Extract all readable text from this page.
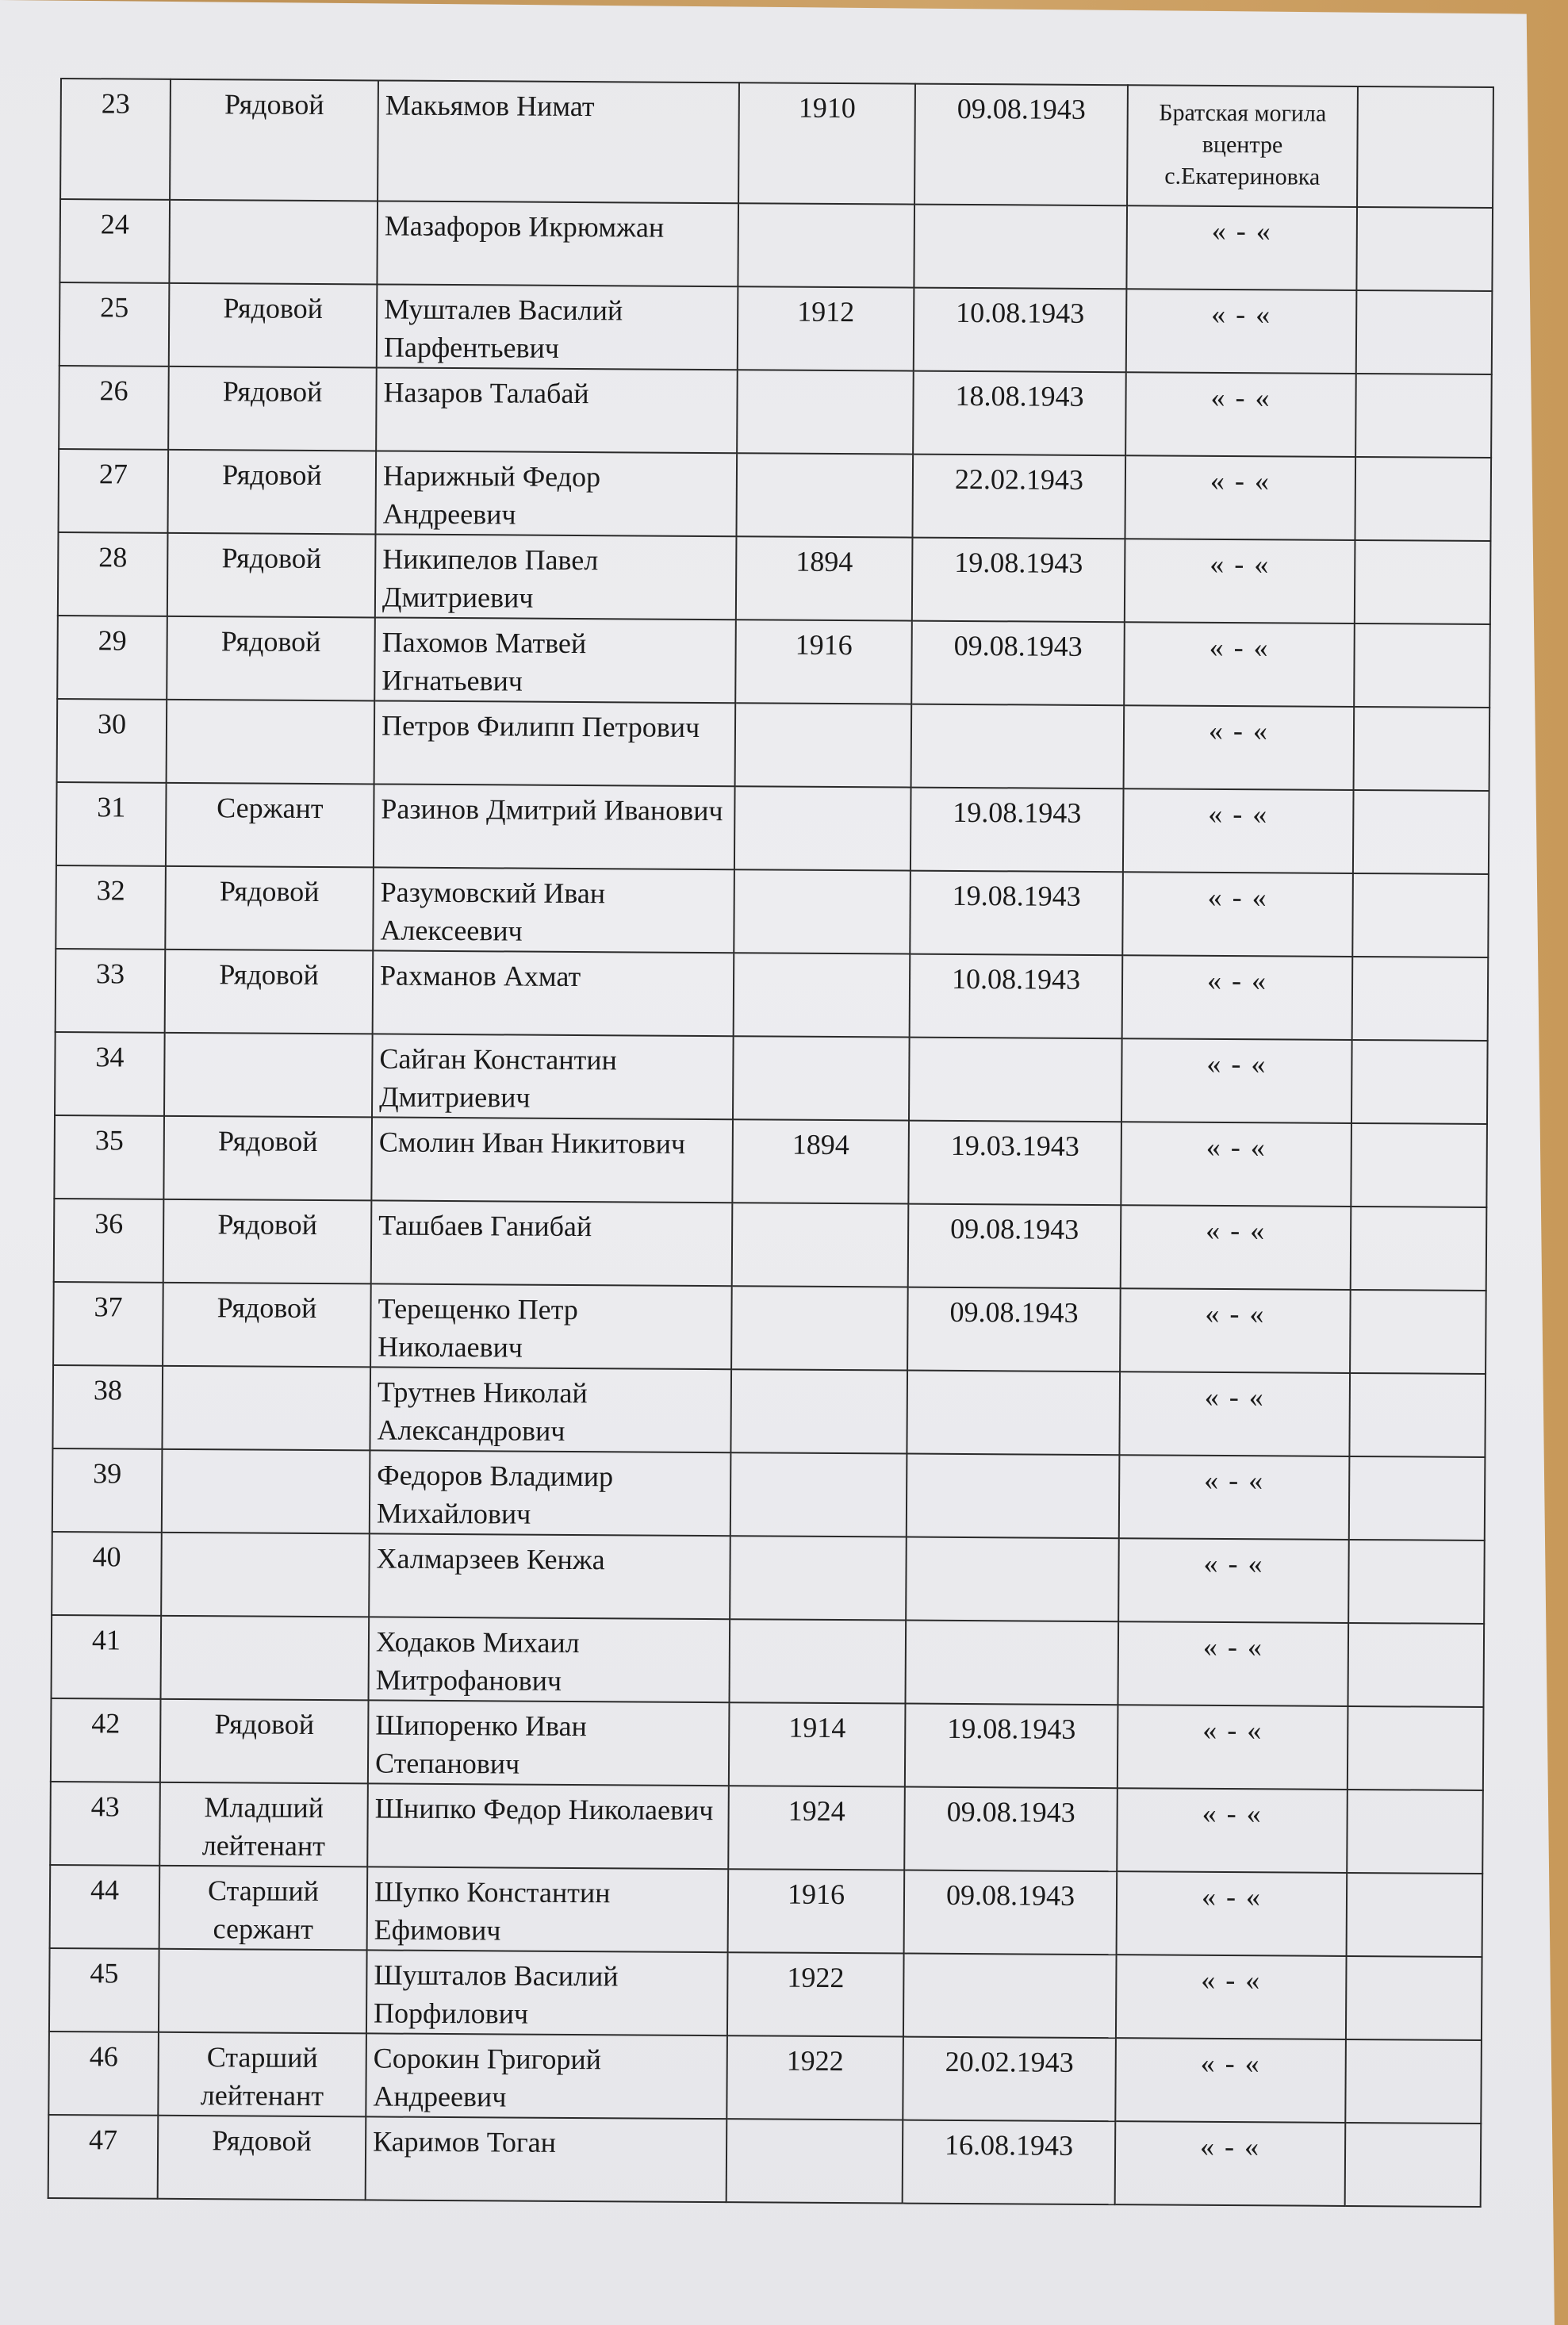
23	Рядовой	Макьямов Нимат	1910	09.08.1943	Братская могила вцентре с.Екатериновка	
24		Мазафоров Икрюмжан			« - «	
25	Рядовой	Мушталев Василий Парфентьевич	1912	10.08.1943	« - «	
26	Рядовой	Назаров Талабай		18.08.1943	« - «	
27	Рядовой	Нарижный Федор Андреевич		22.02.1943	« - «	
28	Рядовой	Никипелов Павел Дмитриевич	1894	19.08.1943	« - «	
29	Рядовой	Пахомов Матвей Игнатьевич	1916	09.08.1943	« - «	
30		Петров Филипп Петрович			« - «	
31	Сержант	Разинов Дмитрий Иванович		19.08.1943	« - «	
32	Рядовой	Разумовский Иван Алексеевич		19.08.1943	« - «	
33	Рядовой	Рахманов Ахмат		10.08.1943	« - «	
34		Сайган Константин Дмитриевич			« - «	
35	Рядовой	Смолин Иван Никитович	1894	19.03.1943	« - «	
36	Рядовой	Ташбаев Ганибай		09.08.1943	« - «	
37	Рядовой	Терещенко Петр Николаевич		09.08.1943	« - «	
38		Трутнев Николай Александрович			« - «	
39		Федоров Владимир Михайлович			« - «	
40		Халмарзеев Кенжа			« - «	
41		Ходаков Михаил Митрофанович			« - «	
42	Рядовой	Шипоренко Иван Степанович	1914	19.08.1943	« - «	
43	Младший лейтенант	Шнипко Федор Николаевич	1924	09.08.1943	« - «	
44	Старший сержант	Шупко Константин Ефимович	1916	09.08.1943	« - «	
45		Шушталов Василий Порфилович	1922		« - «	
46	Старший лейтенант	Сорокин Григорий Андреевич	1922	20.02.1943	« - «	
47	Рядовой	Каримов Тоган		16.08.1943	« - «	
